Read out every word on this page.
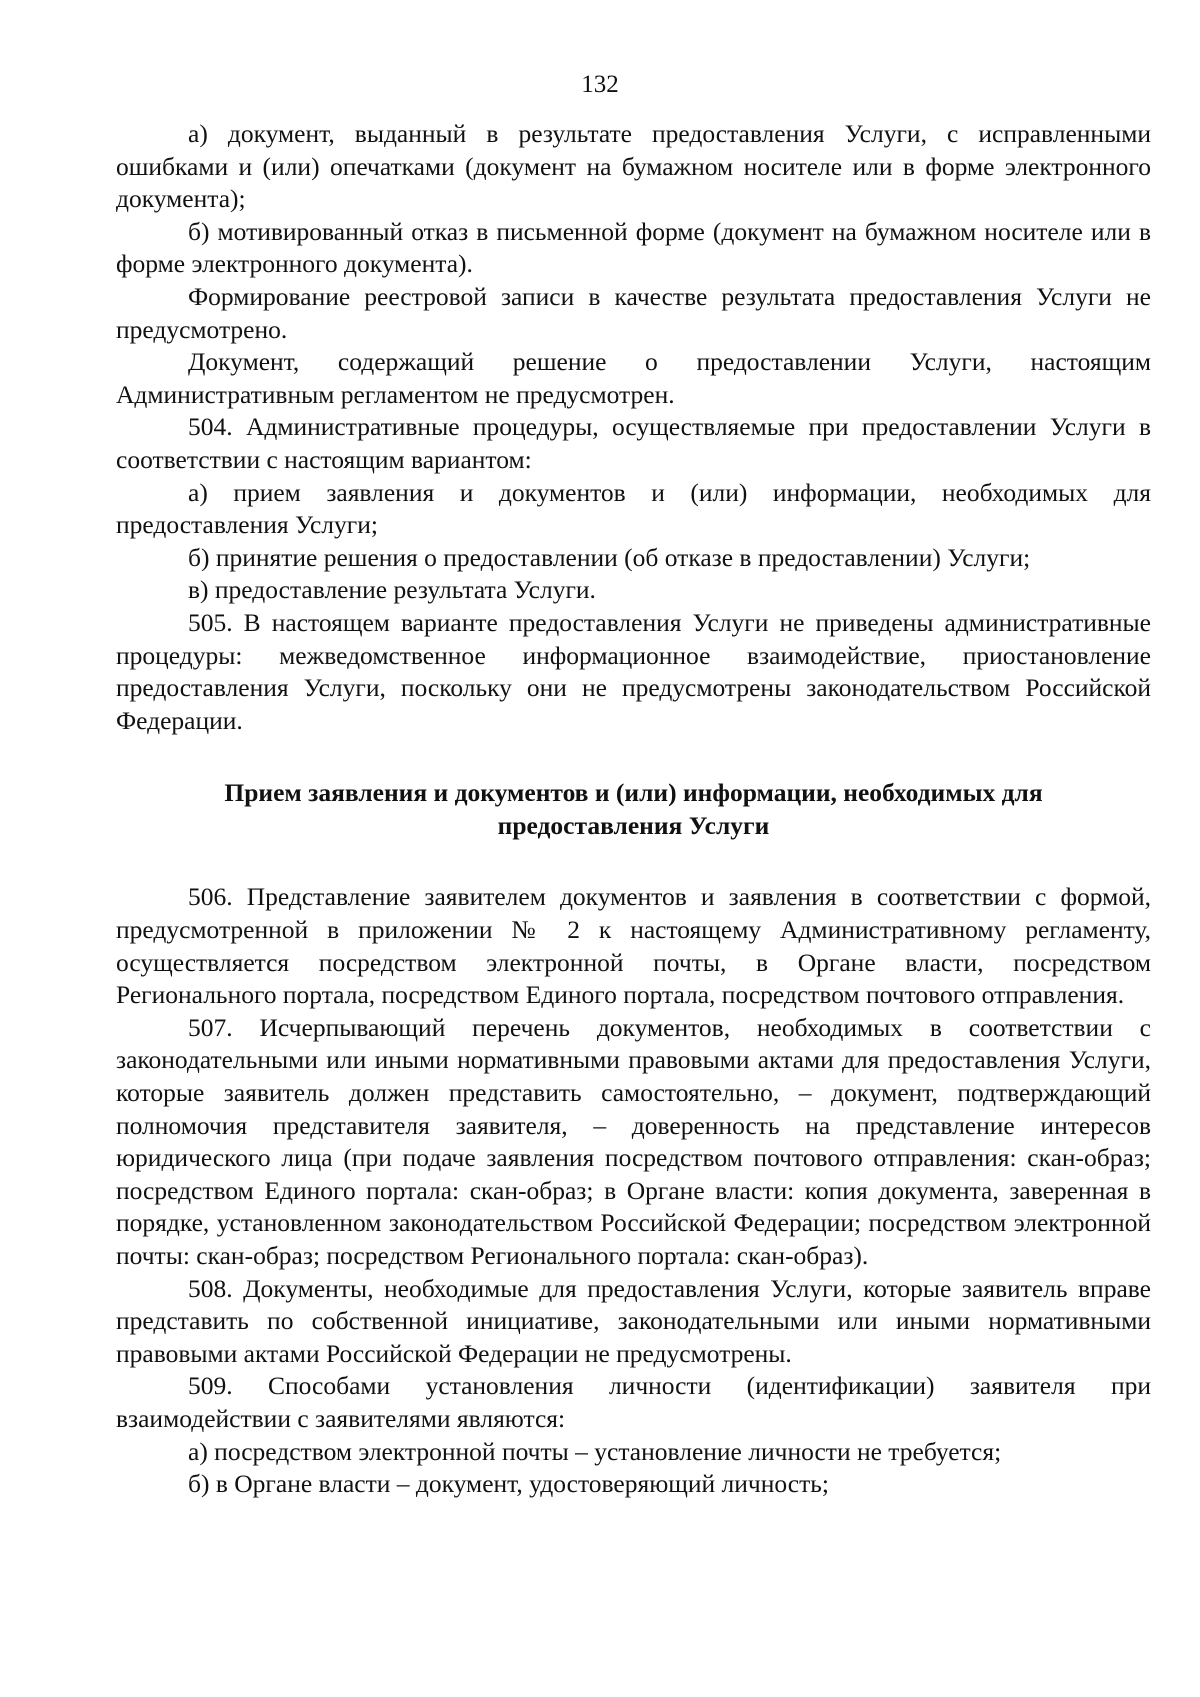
132

а) документ, выданный в результате предоставления Услуги, с исправленными ошибками и (или) опечатками (документ на бумажном носителе или в форме электронного документа);

б) мотивированный отказ в письменной форме (документ на бумажном носителе или в форме электронного документа).

Формирование реестровой записи в качестве результата предоставления Услуги не предусмотрено.

Документ, содержащий решение о предоставлении Услуги, настоящим Административным регламентом не предусмотрен.

504. Административные процедуры, осуществляемые при предоставлении Услуги в соответствии с настоящим вариантом:

а) прием заявления и документов и (или) информации, необходимых для предоставления Услуги;

б) принятие решения о предоставлении (об отказе в предоставлении) Услуги;

в) предоставление результата Услуги.

505. В настоящем варианте предоставления Услуги не приведены административные процедуры: межведомственное информационное взаимодействие, приостановление предоставления Услуги, поскольку они не предусмотрены законодательством Российской Федерации.

Прием заявления и документов и (или) информации, необходимых для предоставления Услуги

506. Представление заявителем документов и заявления в соответствии с формой, предусмотренной в приложении № 2 к настоящему Административному регламенту, осуществляется посредством электронной почты, в Органе власти, посредством Регионального портала, посредством Единого портала, посредством почтового отправления.

507. Исчерпывающий перечень документов, необходимых в соответствии с законодательными или иными нормативными правовыми актами для предоставления Услуги, которые заявитель должен представить самостоятельно, – документ, подтверждающий полномочия представителя заявителя, – доверенность на представление интересов юридического лица (при подаче заявления посредством почтового отправления: скан-образ; посредством Единого портала: скан-образ; в Органе власти: копия документа, заверенная в порядке, установленном законодательством Российской Федерации; посредством электронной почты: скан-образ; посредством Регионального портала: скан-образ).

508. Документы, необходимые для предоставления Услуги, которые заявитель вправе представить по собственной инициативе, законодательными или иными нормативными правовыми актами Российской Федерации не предусмотрены.

509. Способами установления личности (идентификации) заявителя при взаимодействии с заявителями являются:

а) посредством электронной почты – установление личности не требуется;

б) в Органе власти – документ, удостоверяющий личность;
